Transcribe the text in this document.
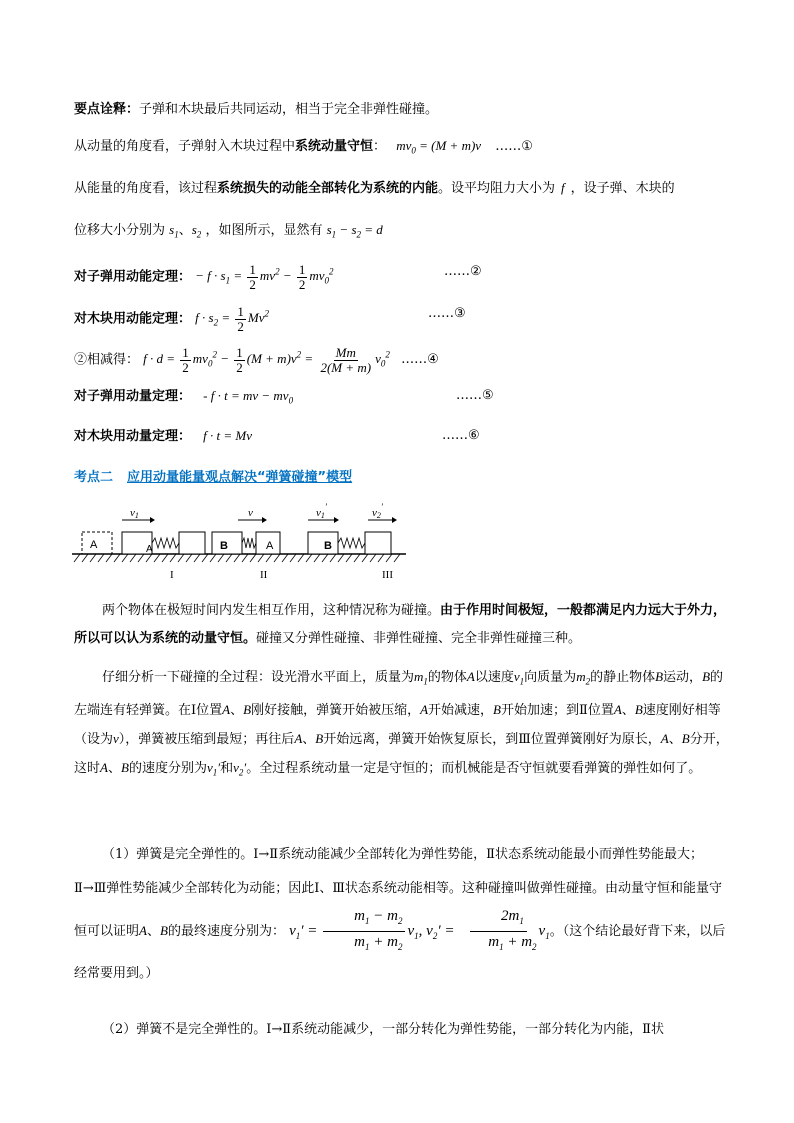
要点诠释：子弹和木块最后共同运动，相当于完全非弹性碰撞。
从动量的角度看，子弹射入木块过程中系统动量守恒： $mv_0 = (M + m)v$ ……①
从能量的角度看，该过程系统损失的动能全部转化为系统的内能。设平均阻力大小为 f ，设子弹、木块的
位移大小分别为 $s_1$、$s_2$ ，如图所示，显然有 $s_1 - s_2 = d$
对子弹用动能定理： − $f \cdot s_1 = \frac{1}{2} mv^2 - \frac{1}{2} mv_0^2$	……②
对木块用动能定理： $f \cdot s_2 = \frac{1}{2} Mv^2$	……③
②相减得： $f \cdot d = \frac{1}{2} mv_0^2 - \frac{1}{2} (M + m)v^2 = \frac{Mm}{2(M + m)} v_0^2$ ……④
对子弹用动量定理： - f · t = mv − $mv_0$	……⑤
对木块用动量定理： f · t = Mv	……⑥
考点二 应用动量能量观点解决“弹簧碰撞”模型
A	A
v1
I
B	A
v
II
B
v1′	v2′
III
两个物体在极短时间内发生相互作用，这种情况称为碰撞。由于作用时间极短，一般都满足内力远大于外力，所以可以认为系统的动量守恒。碰撞又分弹性碰撞、非弹性碰撞、完全非弹性碰撞三种。
仔细分析一下碰撞的全过程：设光滑水平面上，质量为$m_1$的物体A以速度$v_1$向质量为$m_2$的静止物体B运动，B的左端连有轻弹簧。在Ⅰ位置A、B刚好接触，弹簧开始被压缩，A开始减速，B开始加速；到Ⅱ位置A、B速度刚好相等（设为v），弹簧被压缩到最短；再往后A、B开始远离，弹簧开始恢复原长，到Ⅲ位置弹簧刚好为原长，A、B分开，这时A、B的速度分别为$v_1'$和$v_2'$。全过程系统动量一定是守恒的；而机械能是否守恒就要看弹簧的弹性如何了。
（1）弹簧是完全弹性的。Ⅰ→Ⅱ系统动能减少全部转化为弹性势能，Ⅱ状态系统动能最小而弹性势能最大；Ⅱ→Ⅲ弹性势能减少全部转化为动能；因此Ⅰ、Ⅲ状态系统动能相等。这种碰撞叫做弹性碰撞。由动量守恒和能量守恒可以证明A、B的最终速度分别为： $v_1' = \frac{m_1 - m_2}{m_1 + m_2} v_1$, $v_2' = \frac{2m_1}{m_1 + m_2} v_1$。（这个结论最好背下来，以后经常要用到。）
（2）弹簧不是完全弹性的。Ⅰ→Ⅱ系统动能减少，一部分转化为弹性势能，一部分转化为内能，Ⅱ状
